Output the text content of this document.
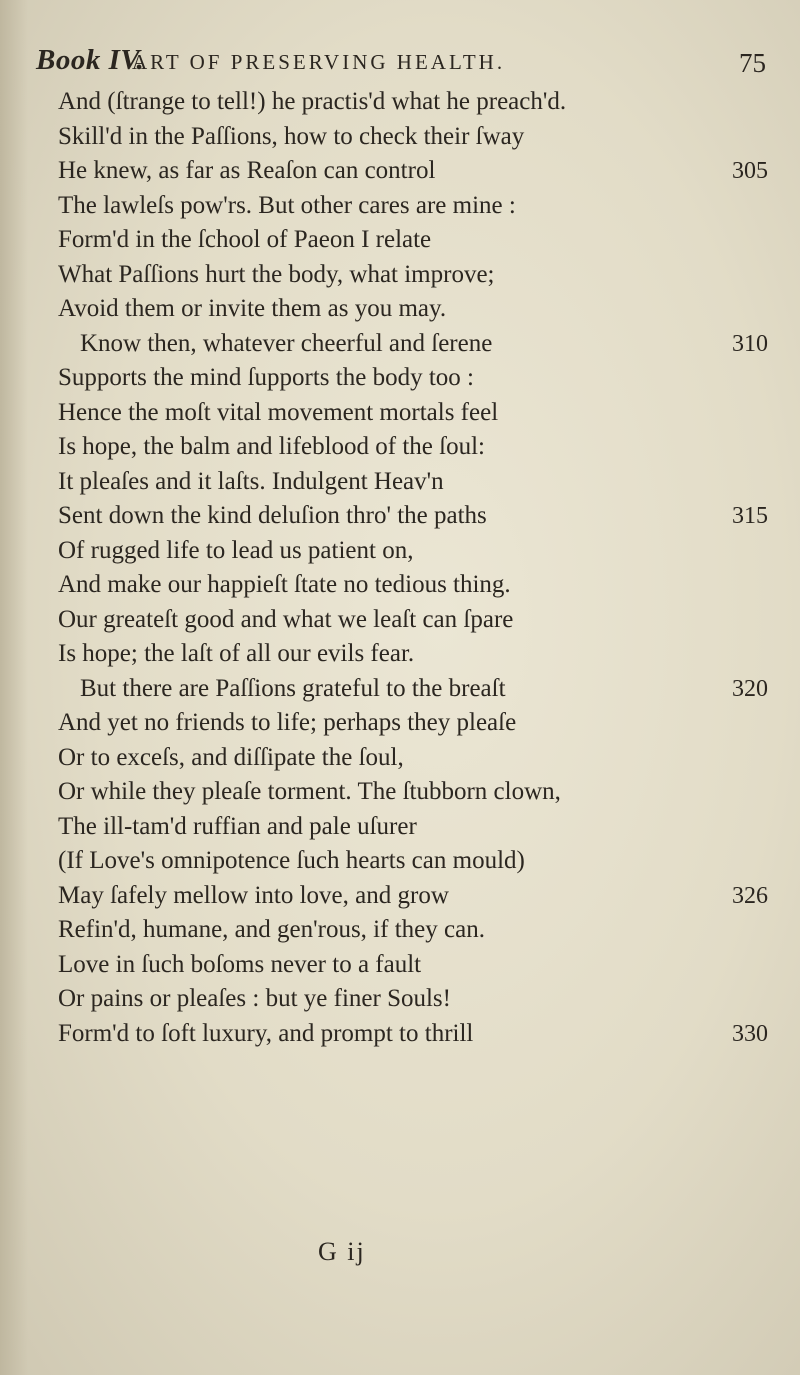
Book IV.
ART OF PRESERVING HEALTH.	75
And (ſtrange to tell!) he practis'd what he preach'd.
Skill'd in the Paſſions, how to check their ſway
He knew, as far as Reaſon can control	305
The lawleſs pow'rs. But other cares are mine :
Form'd in the ſchool of Paeon I relate
What Paſſions hurt the body, what improve;
Avoid them or invite them as you may.
Know then, whatever cheerful and ſerene	310
Supports the mind ſupports the body too :
Hence the moſt vital movement mortals feel
Is hope, the balm and lifeblood of the ſoul:
It pleaſes and it laſts. Indulgent Heav'n
Sent down the kind deluſion thro' the paths	315
Of rugged life to lead us patient on,
And make our happieſt ſtate no tedious thing.
Our greateſt good and what we leaſt can ſpare
Is hope; the laſt of all our evils fear.
But there are Paſſions grateful to the breaſt	320
And yet no friends to life; perhaps they pleaſe
Or to exceſs, and diſſipate the ſoul,
Or while they pleaſe torment. The ſtubborn clown,
The ill-tam'd ruffian and pale uſurer
(If Love's omnipotence ſuch hearts can mould)
May ſafely mellow into love, and grow	326
Refin'd, humane, and gen'rous, if they can.
Love in ſuch boſoms never to a fault
Or pains or pleaſes : but ye finer Souls!
Form'd to ſoft luxury, and prompt to thrill	330
G ij
